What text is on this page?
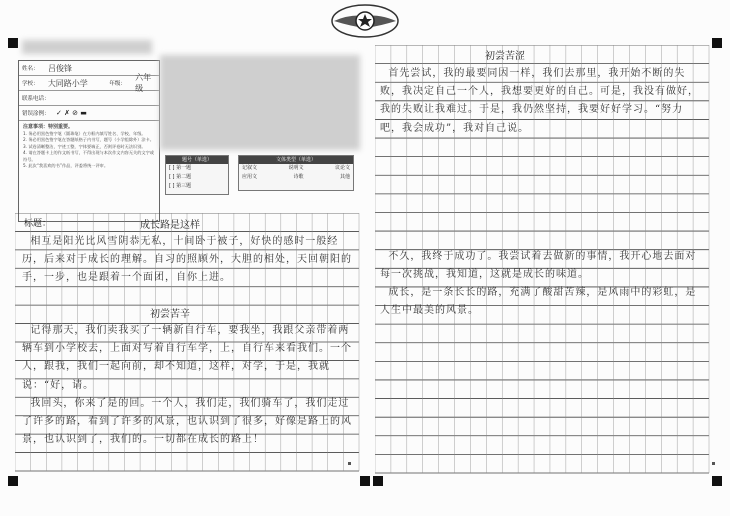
姓名：	吕俊锋
学校：	大同路小学	年级：
六年级
联系电话：
错误涂例： ✓ ✗ ⊘ ▬
注意事项：特别重要。
1. 务必用黑色签字笔（圆珠笔）在方框内填写姓名、学校、年级。
2. 务必用黑色签字笔在答题纸格子内书写，题号（小学组除外）涂卡。
3. 试卷清晰整洁，字迹工整，字体要端正，否则评卷时无法识别。
4. 请在答题卡上的作文纸书写，不得出现与本次作文内容无关的文字或符号。
5. 此次“我喜欢的书”作品，评委将统一评审。
题号（单选）
[ ] 第一题
[ ] 第二题
[ ] 第三题
文体类型（单选）
记叙文	说明文	议论文
应用文	诗歌	其他
标题：	成长路是这样
相互是阳光比风雪阴恭无私，十间卧于被子，好快的感时一般经历，后来对于成长的理解。自习的照顾外，大胆的相处，天回朝阳的手，一步，也是跟着一个面团，自你上进。
初尝苦辛
记得那天，我们卖我买了一辆新自行车，要我坐，我跟父亲带着两辆车到小学校去，上面对写着自行车学，上，自行车来看我们。一个人，跟我，我们一起向前，却不知道，这样，对学，于是，我就说：“好，请。
我回头，你来了是的回。一个人，我们走，我们骑车了，我们走过了许多的路，看到了许多的风景，也认识到了很多，好像是路上的风景，也认识到了，我们的。一切都在成长的路上！
初尝苦涩
首先尝试，我的最要同因一样，我们去那里，我开始不断的失败，我决定自己一个人，我想要更好的自己。可是，我没有做好，我的失败让我难过。于是，我仍然坚持，我要好好学习。“努力吧，我会成功”，我对自己说。
不久，我终于成功了。我尝试着去做新的事情，我开心地去面对每一次挑战，我知道，这就是成长的味道。
成长，是一条长长的路，充满了酸甜苦辣，是风雨中的彩虹，是人生中最美的风景。
